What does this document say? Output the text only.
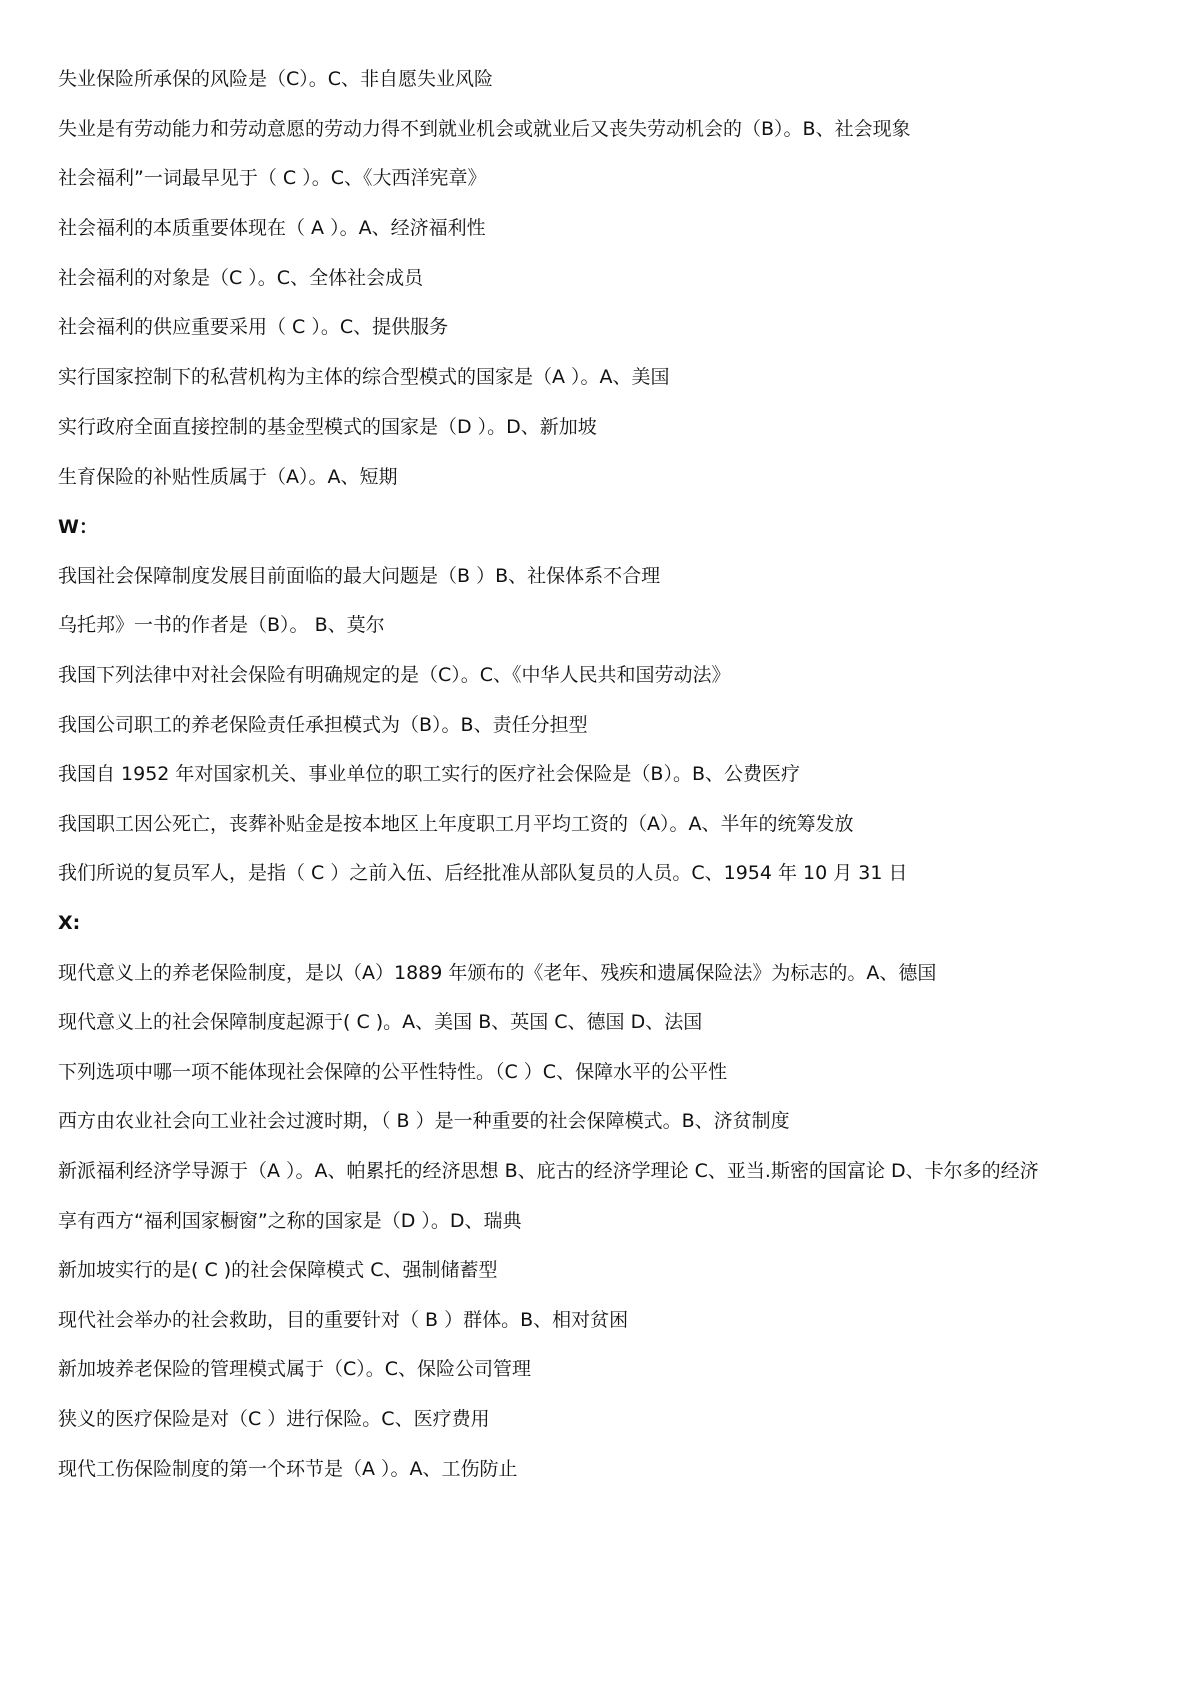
失业保险所承保的风险是（C）。C、非自愿失业风险
失业是有劳动能力和劳动意愿的劳动力得不到就业机会或就业后又丧失劳动机会的（B）。B、社会现象
社会福利”一词最早见于（ C ）。C、《大西洋宪章》
社会福利的本质重要体现在（ A ）。A、经济福利性
社会福利的对象是（C ）。C、全体社会成员
社会福利的供应重要采用（ C ）。C、提供服务
实行国家控制下的私营机构为主体的综合型模式的国家是（A ）。A、美国
实行政府全面直接控制的基金型模式的国家是（D ）。D、新加坡
生育保险的补贴性质属于（A）。A、短期
W：
我国社会保障制度发展目前面临的最大问题是（B ）B、社保体系不合理
乌托邦》一书的作者是（B）。 B、莫尔
我国下列法律中对社会保险有明确规定的是（C）。C、《中华人民共和国劳动法》
我国公司职工的养老保险责任承担模式为（B）。B、责任分担型
我国自 1952 年对国家机关、事业单位的职工实行的医疗社会保险是（B）。B、公费医疗
我国职工因公死亡，丧葬补贴金是按本地区上年度职工月平均工资的（A）。A、半年的统筹发放
我们所说的复员军人，是指（ C ）之前入伍、后经批准从部队复员的人员。C、1954 年 10 月 31 日
X:
现代意义上的养老保险制度，是以（A）1889 年颁布的《老年、残疾和遗属保险法》为标志的。A、德国
现代意义上的社会保障制度起源于( C )。A、美国 B、英国 C、德国 D、法国
下列选项中哪一项不能体现社会保障的公平性特性。（C ）C、保障水平的公平性
西方由农业社会向工业社会过渡时期，（ B ）是一种重要的社会保障模式。B、济贫制度
新派福利经济学导源于（A ）。A、帕累托的经济思想 B、庇古的经济学理论 C、亚当.斯密的国富论 D、卡尔多的经济
享有西方“福利国家橱窗”之称的国家是（D ）。D、瑞典
新加坡实行的是( C )的社会保障模式 C、强制储蓄型
现代社会举办的社会救助，目的重要针对（ B ）群体。B、相对贫困
新加坡养老保险的管理模式属于（C）。C、保险公司管理
狭义的医疗保险是对（C ）进行保险。C、医疗费用
现代工伤保险制度的第一个环节是（A ）。A、工伤防止
